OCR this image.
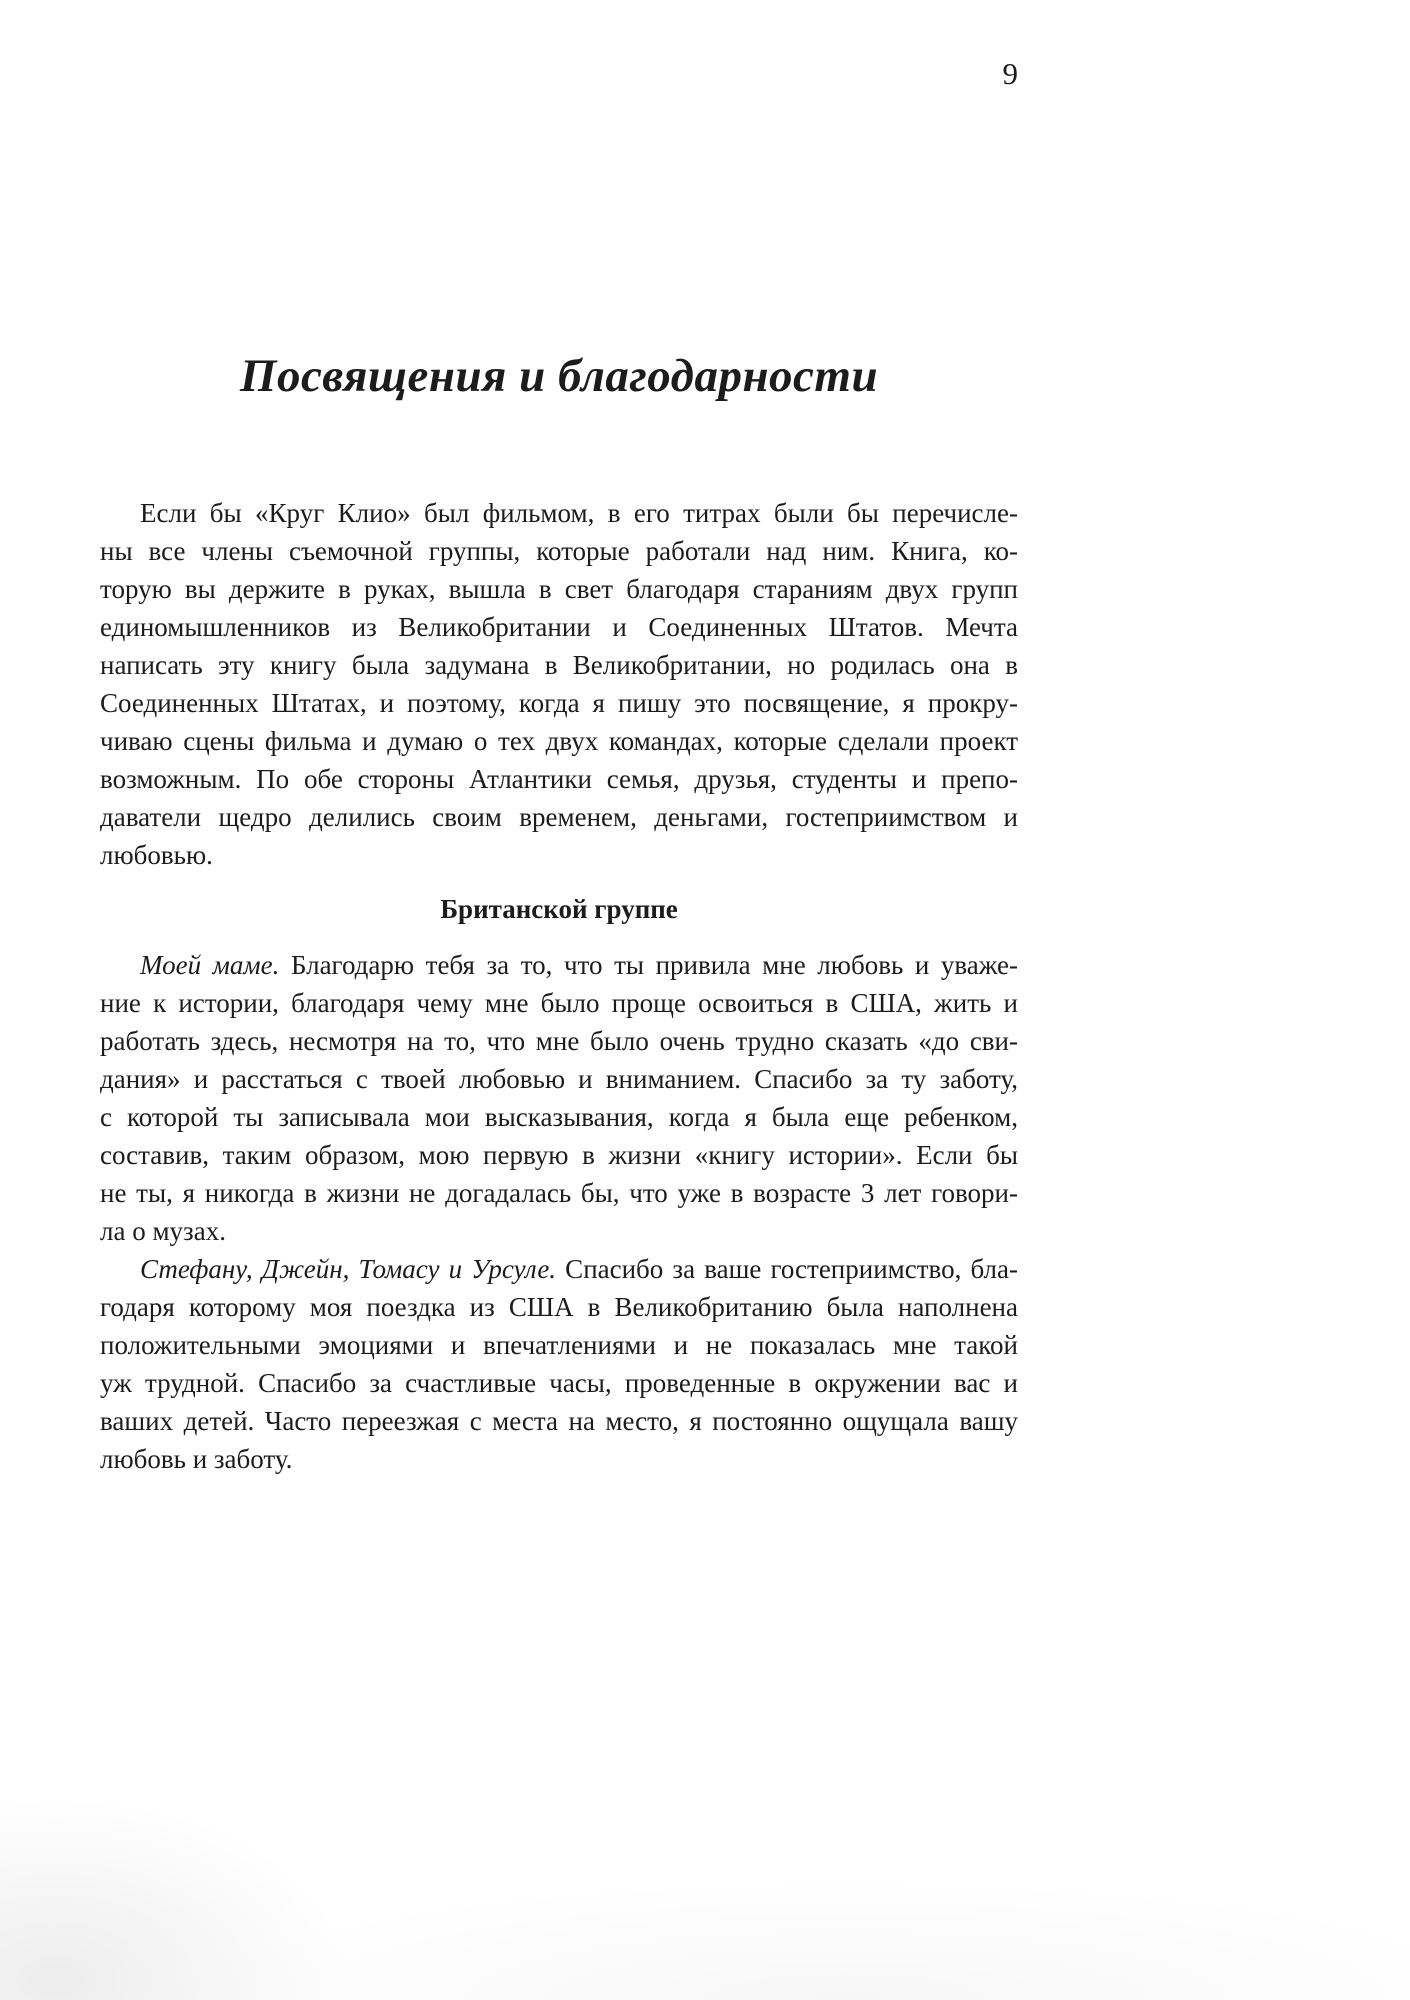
9
Посвящения и благодарности
Если бы «Круг Клио» был фильмом, в его титрах были бы перечисле-
ны все члены съемочной группы, которые работали над ним. Книга, ко-
торую вы держите в руках, вышла в свет благодаря стараниям двух групп
единомышленников из Великобритании и Соединенных Штатов. Мечта
написать эту книгу была задумана в Великобритании, но родилась она в
Соединенных Штатах, и поэтому, когда я пишу это посвящение, я прокру-
чиваю сцены фильма и думаю о тех двух командах, которые сделали проект
возможным. По обе стороны Атлантики семья, друзья, студенты и препо-
даватели щедро делились своим временем, деньгами, гостеприимством и
любовью.
Британской группе
Моей маме. Благодарю тебя за то, что ты привила мне любовь и уваже-
ние к истории, благодаря чему мне было проще освоиться в США, жить и
работать здесь, несмотря на то, что мне было очень трудно сказать «до сви-
дания» и расстаться с твоей любовью и вниманием. Спасибо за ту заботу,
с которой ты записывала мои высказывания, когда я была еще ребенком,
составив, таким образом, мою первую в жизни «книгу истории». Если бы
не ты, я никогда в жизни не догадалась бы, что уже в возрасте 3 лет говори-
ла о музах.
Стефану, Джейн, Томасу и Урсуле. Спасибо за ваше гостеприимство, бла-
годаря которому моя поездка из США в Великобританию была наполнена
положительными эмоциями и впечатлениями и не показалась мне такой
уж трудной. Спасибо за счастливые часы, проведенные в окружении вас и
ваших детей. Часто переезжая с места на место, я постоянно ощущала вашу
любовь и заботу.
